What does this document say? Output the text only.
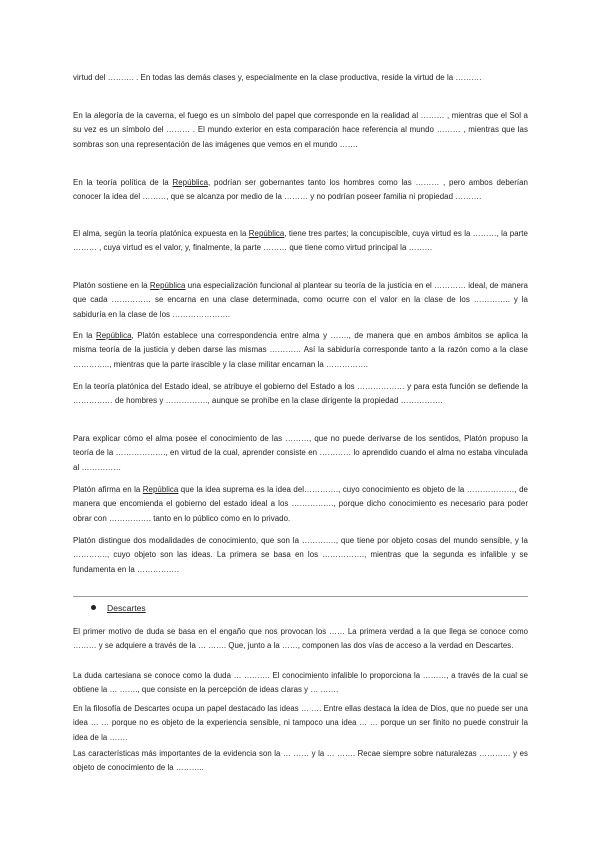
virtud del ………. . En todas las demás clases y, especialmente en la clase productiva, reside la virtud de la ……….

En la alegoría de la caverna, el fuego es un símbolo del papel que corresponde en la realidad al ……… , mientras que el Sol a su vez es un símbolo del ……… . El mundo exterior en esta comparación hace referencia al mundo ……… , mientras que las sombras son una representación de las imágenes que vemos en el mundo …….

En la teoría política de la República, podrían ser gobernantes tanto los hombres como las ……… , pero ambos deberían conocer la idea del ………, que se alcanza por medio de la ……… y no podrían poseer familia ni propiedad ……….

El alma, según la teoría platónica expuesta en la República, tiene tres partes; la concupiscible, cuya virtud es la ………, la parte ……… , cuya virtud es el valor, y, finalmente, la parte ……… que tiene como virtud principal la ………

Platón sostiene en la República una especialización funcional al plantear su teoría de la justicia en el ………… ideal, de manera que cada …………… se encarna en una clase determinada, como ocurre con el valor en la clase de los ………….. y la sabiduría en la clase de los ………………….

En la República, Platón establece una correspondencia entre alma y ……., de manera que en ambos ámbitos se aplica la misma teoría de la justicia y deben darse las mismas ………… Así la sabiduría corresponde tanto a la razón como a la clase ………….., mientras que la parte irascible y la clase militar encarnan la …………….

En la teoría platónica del Estado ideal, se atribuye el gobierno del Estado a los ……………… y para esta función se defiende la …………… de hombres y ……………., aunque se prohíbe en la clase dirigente la propiedad …………….

Para explicar cómo el alma posee el conocimiento de las ………, que no puede derivarse de los sentidos, Platón propuso la teoría de la ………………., en virtud de la cual, aprender consiste en ………… lo aprendido cuando el alma no estaba vinculada al ……………

Platón afirma en la República que la idea suprema es la idea del…………., cuyo conocimiento es objeto de la ………………, de manera que encomienda el gobierno del estado ideal a los ……………., porque dicho conocimiento es necesario para poder obrar con ……………. tanto en lo público como en lo privado.

Platón distingue dos modalidades de conocimiento, que son la …………., que tiene por objeto cosas del mundo sensible, y la …………., cuyo objeto son las ideas. La primera se basa en los ……………., mientras que la segunda es infalible y se fundamenta en la …………….

Descartes

El primer motivo de duda se basa en el engaño que nos provocan los …… La primera verdad a la que llega se conoce como ……… y se adquiere a través de la … ……. Que, junto a la ……, componen las dos vías de acceso a la verdad en Descartes.

La duda cartesiana se conoce como la duda … ………. El conocimiento infalible lo proporciona la ………, a través de la cual se obtiene la … ……., que consiste en la percepción de ideas claras y … …….

En la filosofía de Descartes ocupa un papel destacado las ideas … …. Entre ellas destaca la idea de Dios, que no puede ser una idea … … porque no es objeto de la experiencia sensible, ni tampoco una idea … … porque un ser finito no puede construir la idea de la …….

Las características más importantes de la evidencia son la … …… y la … ……. Recae siempre sobre naturalezas ………… y es objeto de conocimiento de la ………..
